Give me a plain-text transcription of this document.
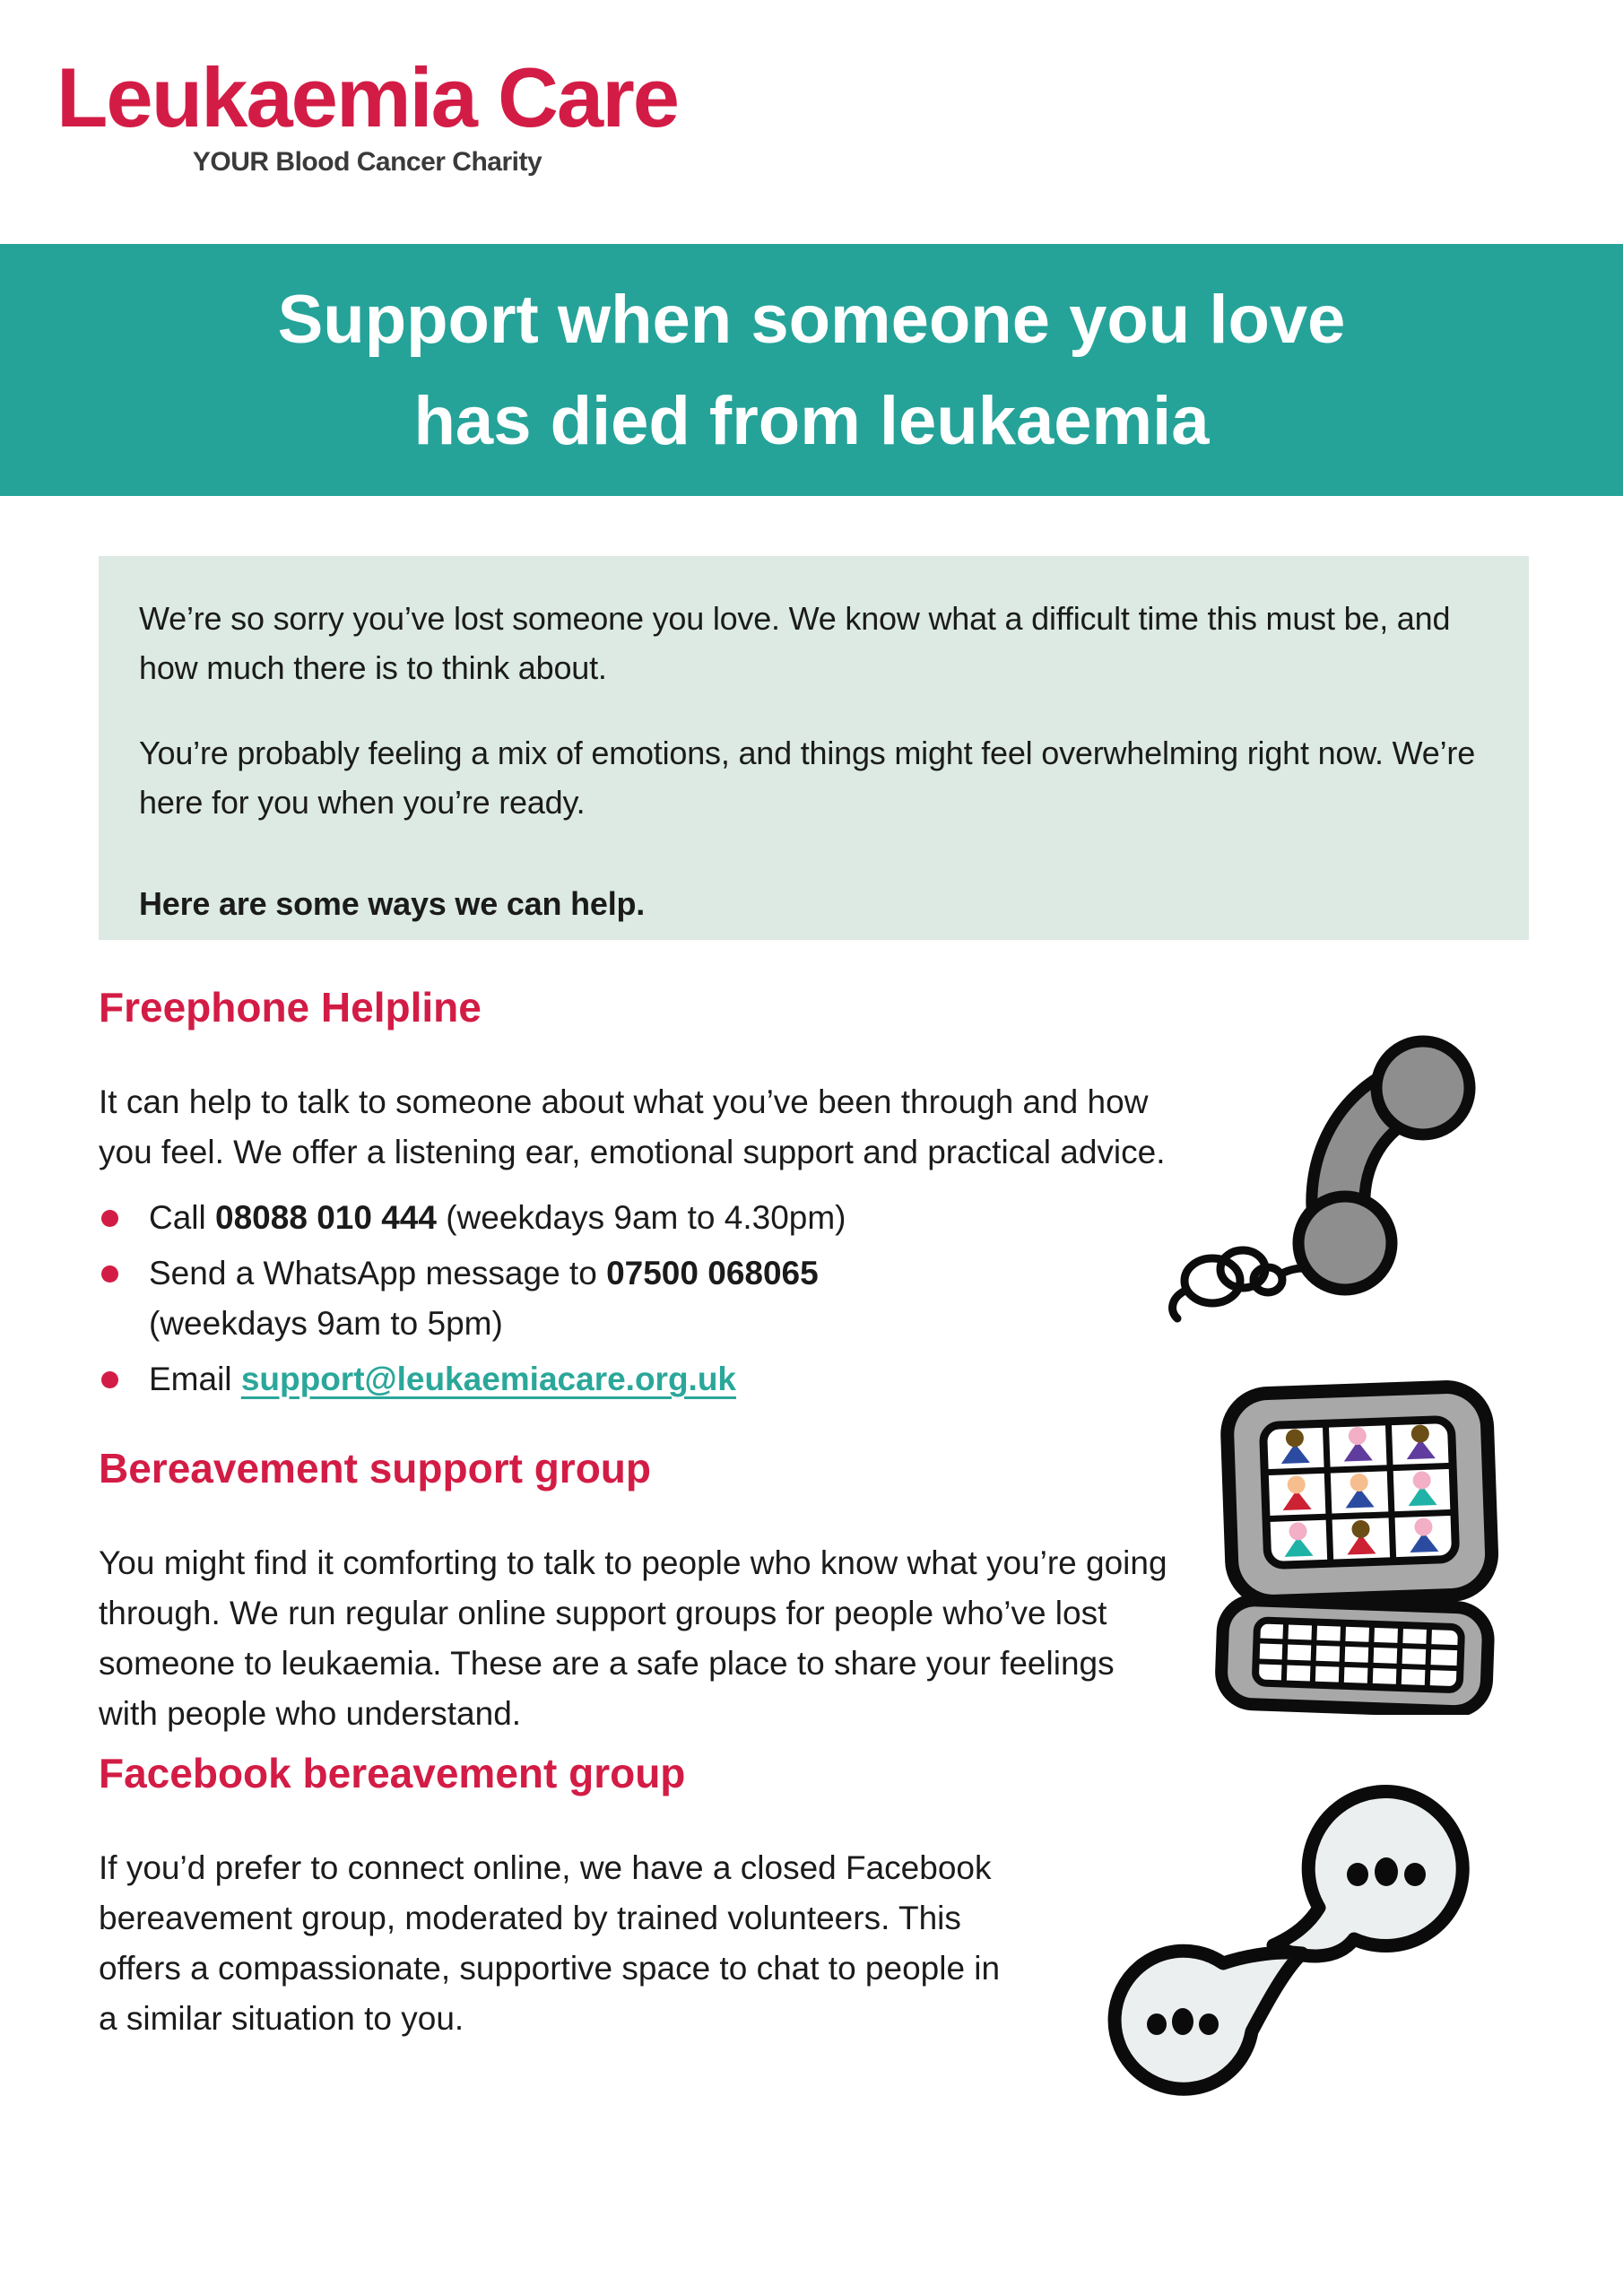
Leukaemia Care
YOUR Blood Cancer Charity
Support when someone you love
has died from leukaemia

We’re so sorry you’ve lost someone you love. We know what a difficult time this must be, and how much there is to think about.

You’re probably feeling a mix of emotions, and things might feel overwhelming right now. We’re here for you when you’re ready.

Here are some ways we can help.

Freephone Helpline

It can help to talk to someone about what you’ve been through and how you feel. We offer a listening ear, emotional support and practical advice.

Call 08088 010 444 (weekdays 9am to 4.30pm)
Send a WhatsApp message to 07500 068065
(weekdays 9am to 5pm)
Email support@leukaemiacare.org.uk
Bereavement support group

You might find it comforting to talk to people who know what you’re going through. We run regular online support groups for people who’ve lost someone to leukaemia. These are a safe place to share your feelings with people who understand.

Facebook bereavement group

If you’d prefer to connect online, we have a closed Facebook bereavement group, moderated by trained volunteers. This offers a compassionate, supportive space to chat to people in a similar situation to you.
